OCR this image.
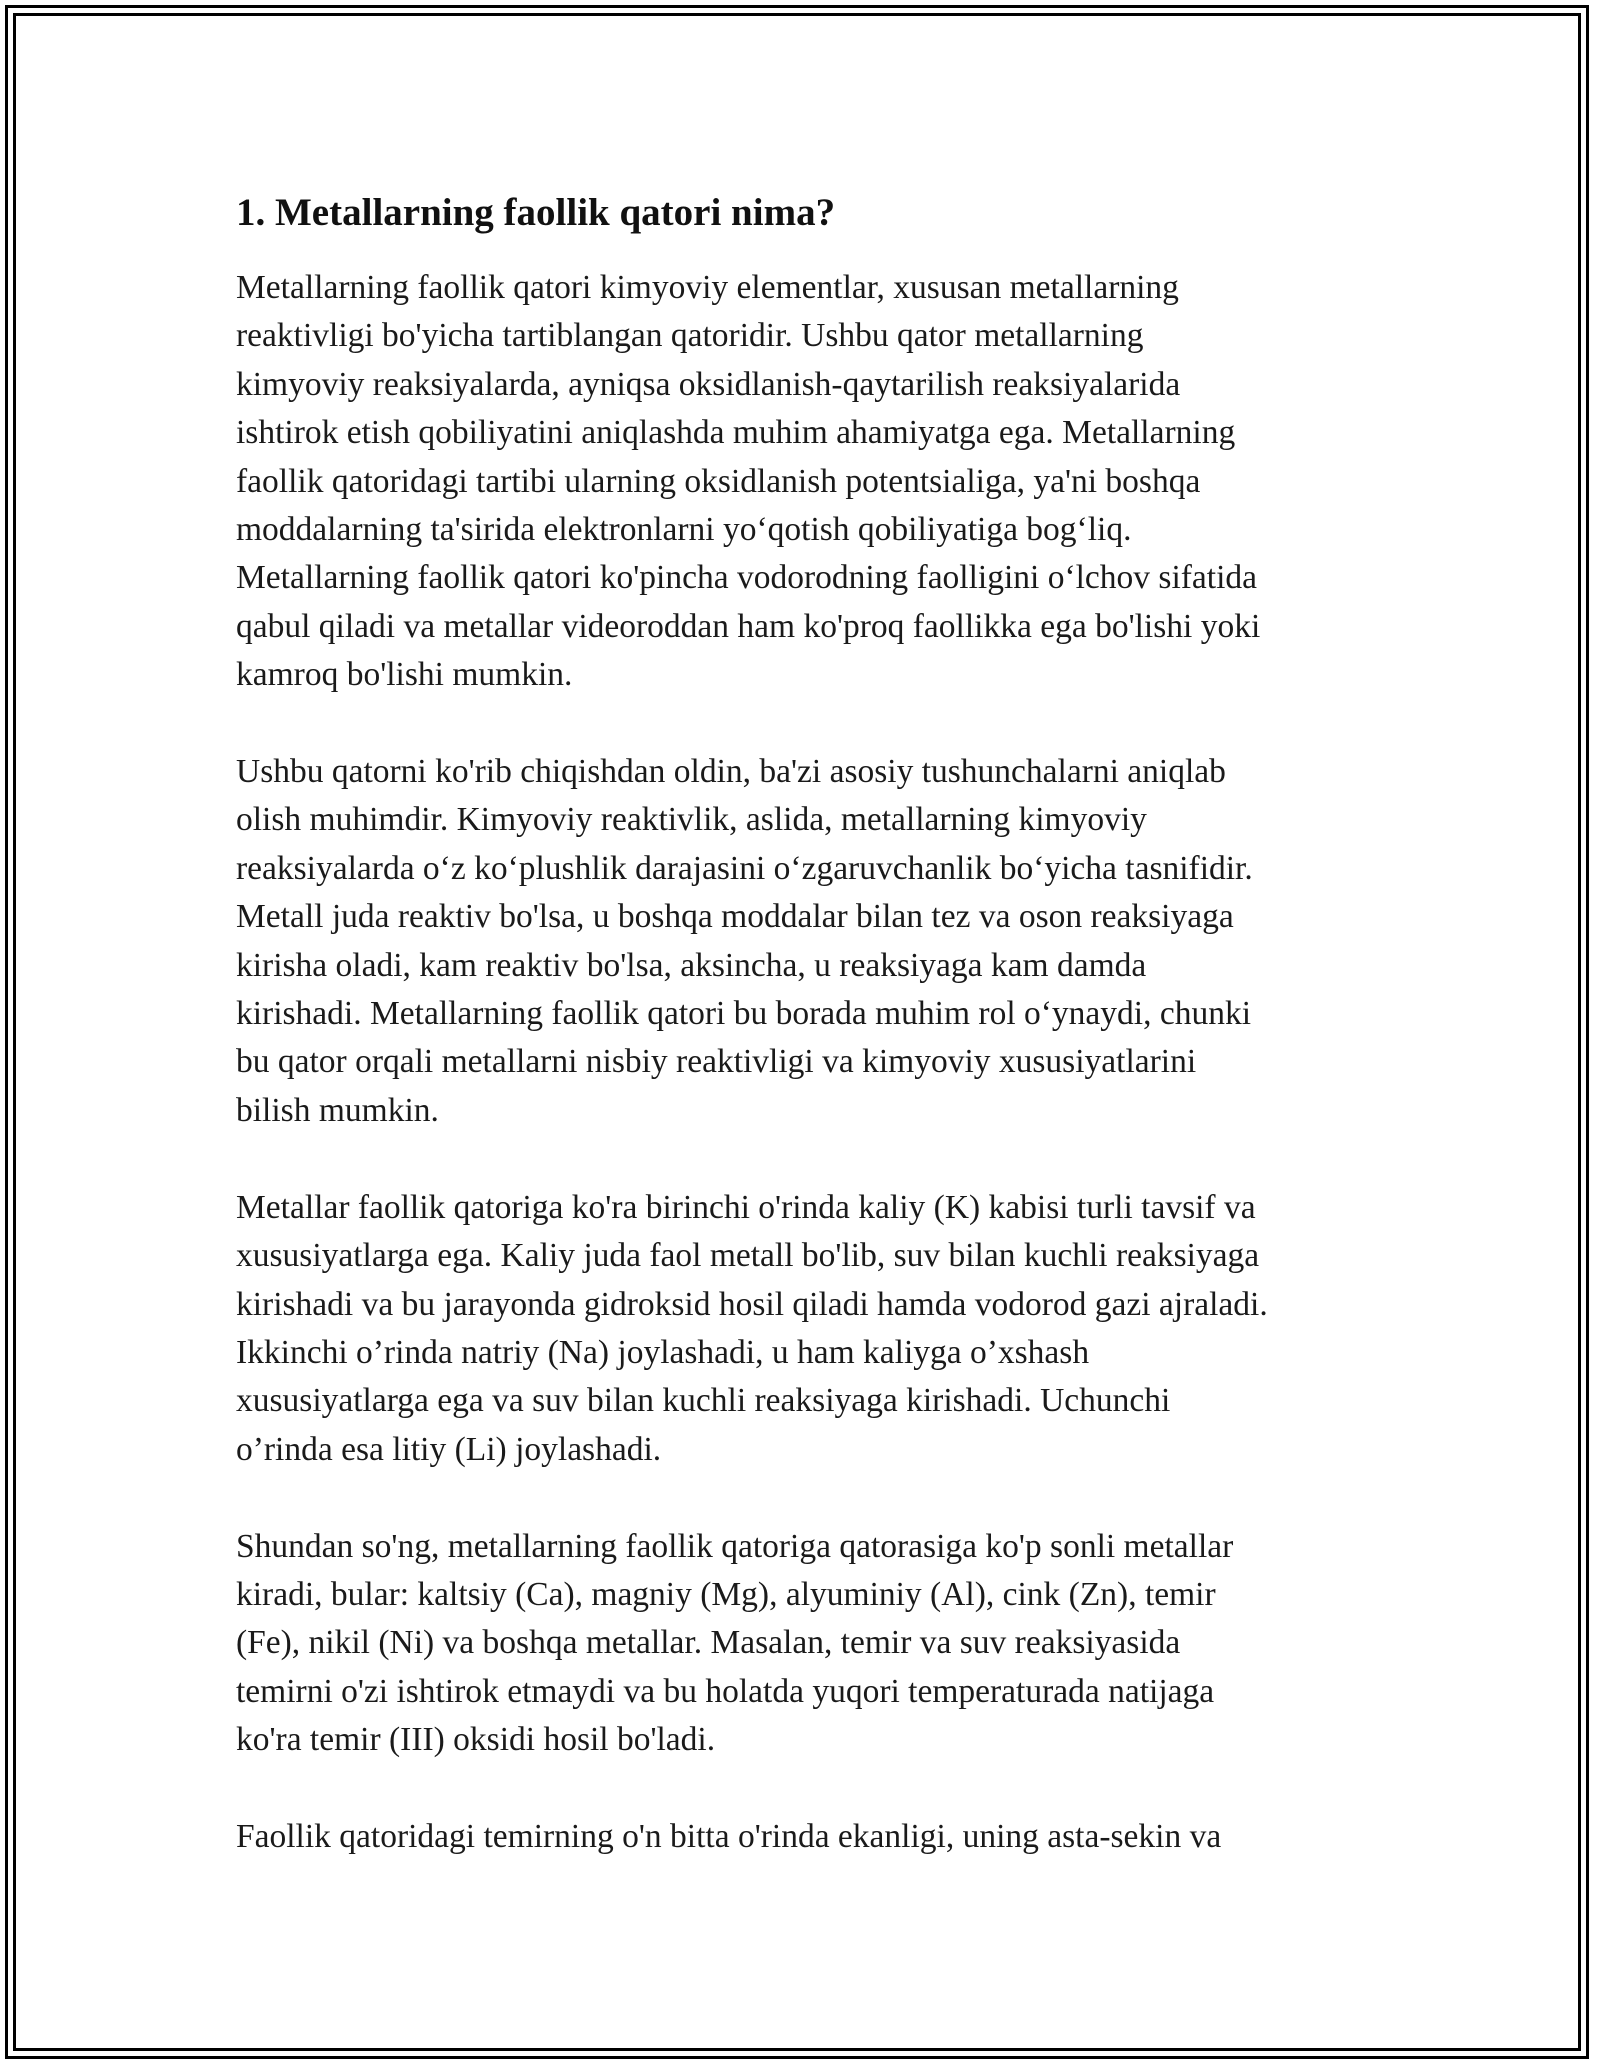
1. Metallarning faollik qatori nima?

Metallarning faollik qatori kimyoviy elementlar, xususan metallarning
reaktivligi bo'yicha tartiblangan qatoridir. Ushbu qator metallarning
kimyoviy reaksiyalarda, ayniqsa oksidlanish-qaytarilish reaksiyalarida
ishtirok etish qobiliyatini aniqlashda muhim ahamiyatga ega. Metallarning
faollik qatoridagi tartibi ularning oksidlanish potentsialiga, ya'ni boshqa
moddalarning ta'sirida elektronlarni yo‘qotish qobiliyatiga bog‘liq.
Metallarning faollik qatori ko'pincha vodorodning faolligini o‘lchov sifatida
qabul qiladi va metallar videoroddan ham ko'proq faollikka ega bo'lishi yoki
kamroq bo'lishi mumkin.

Ushbu qatorni ko'rib chiqishdan oldin, ba'zi asosiy tushunchalarni aniqlab
olish muhimdir. Kimyoviy reaktivlik, aslida, metallarning kimyoviy
reaksiyalarda o‘z ko‘plushlik darajasini o‘zgaruvchanlik bo‘yicha tasnifidir.
Metall juda reaktiv bo'lsa, u boshqa moddalar bilan tez va oson reaksiyaga
kirisha oladi, kam reaktiv bo'lsa, aksincha, u reaksiyaga kam damda
kirishadi. Metallarning faollik qatori bu borada muhim rol o‘ynaydi, chunki
bu qator orqali metallarni nisbiy reaktivligi va kimyoviy xususiyatlarini
bilish mumkin.

Metallar faollik qatoriga ko'ra birinchi o'rinda kaliy (K) kabisi turli tavsif va
xususiyatlarga ega. Kaliy juda faol metall bo'lib, suv bilan kuchli reaksiyaga
kirishadi va bu jarayonda gidroksid hosil qiladi hamda vodorod gazi ajraladi.
Ikkinchi o’rinda natriy (Na) joylashadi, u ham kaliyga o’xshash
xususiyatlarga ega va suv bilan kuchli reaksiyaga kirishadi. Uchunchi
o’rinda esa litiy (Li) joylashadi.

Shundan so'ng, metallarning faollik qatoriga qatorasiga ko'p sonli metallar
kiradi, bular: kaltsiy (Ca), magniy (Mg), alyuminiy (Al), cink (Zn), temir
(Fe), nikil (Ni) va boshqa metallar. Masalan, temir va suv reaksiyasida
temirni o'zi ishtirok etmaydi va bu holatda yuqori temperaturada natijaga
ko'ra temir (III) oksidi hosil bo'ladi.

Faollik qatoridagi temirning o'n bitta o'rinda ekanligi, uning asta-sekin va
